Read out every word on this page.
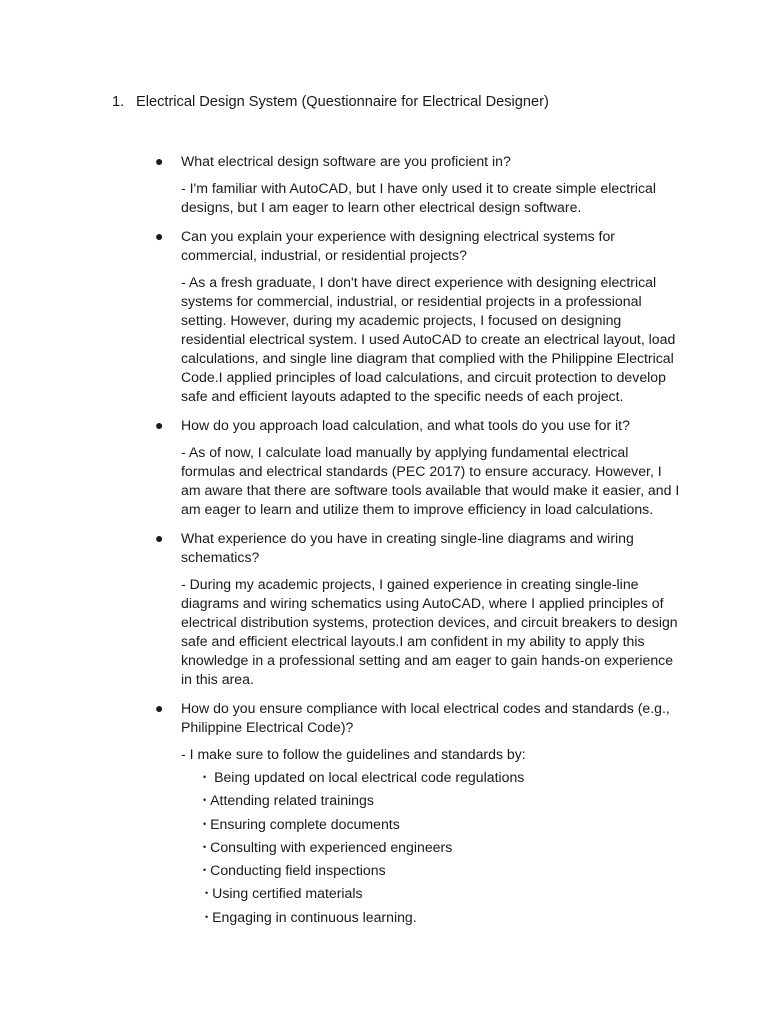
1. Electrical Design System (Questionnaire for Electrical Designer)
● What electrical design software are you proficient in?

- I'm familiar with AutoCAD, but I have only used it to create simple electrical designs, but I am eager to learn other electrical design software.

● Can you explain your experience with designing electrical systems for commercial, industrial, or residential projects?

- As a fresh graduate, I don't have direct experience with designing electrical systems for commercial, industrial, or residential projects in a professional setting. However, during my academic projects, I focused on designing residential electrical system. I used AutoCAD to create an electrical layout, load calculations, and single line diagram that complied with the Philippine Electrical Code.I applied principles of load calculations, and circuit protection to develop safe and efficient layouts adapted to the specific needs of each project.

● How do you approach load calculation, and what tools do you use for it?

- As of now, I calculate load manually by applying fundamental electrical formulas and electrical standards (PEC 2017) to ensure accuracy. However, I am aware that there are software tools available that would make it easier, and I am eager to learn and utilize them to improve efficiency in load calculations.

● What experience do you have in creating single-line diagrams and wiring schematics?

- During my academic projects, I gained experience in creating single-line diagrams and wiring schematics using AutoCAD, where I applied principles of electrical distribution systems, protection devices, and circuit breakers to design safe and efficient electrical layouts.I am confident in my ability to apply this knowledge in a professional setting and am eager to gain hands-on experience in this area.

● How do you ensure compliance with local electrical codes and standards (e.g., Philippine Electrical Code)?

- I make sure to follow the guidelines and standards by:

• Being updated on local electrical code regulations
• Attending related trainings
• Ensuring complete documents
• Consulting with experienced engineers
• Conducting field inspections
• Using certified materials
• Engaging in continuous learning.
